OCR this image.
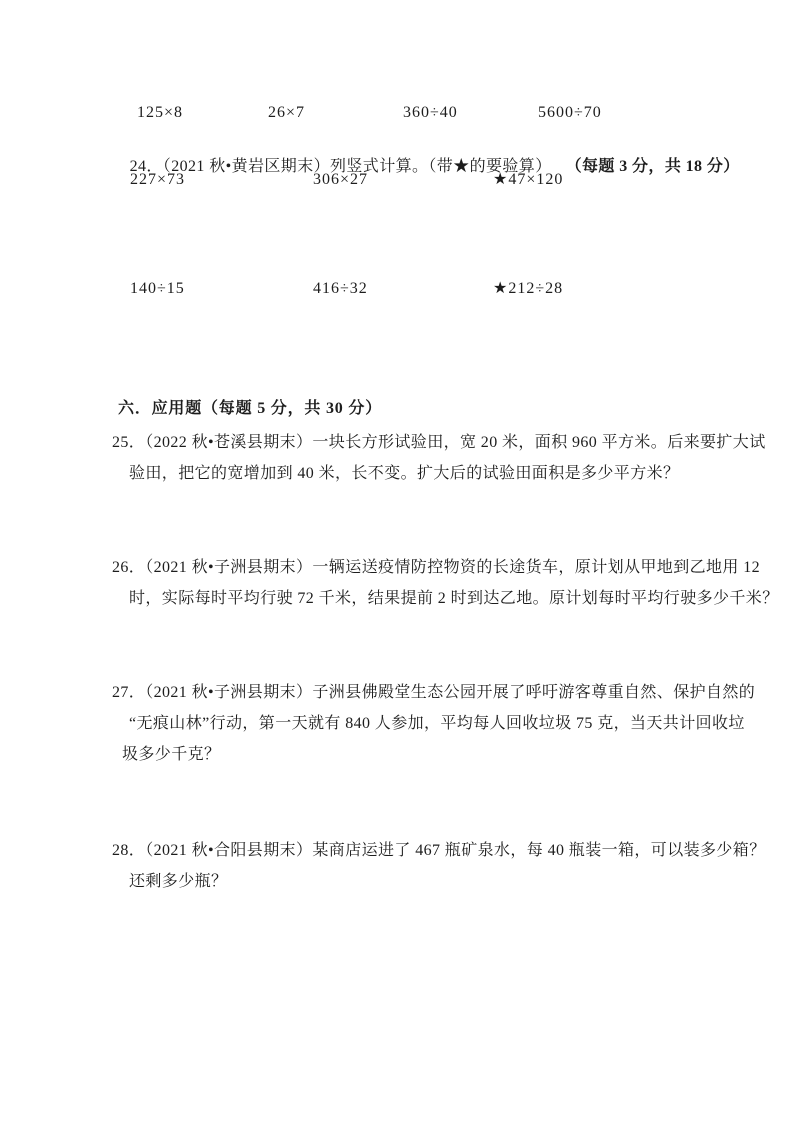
125×8	26×7	360÷40	5600÷70

24．（2021 秋•黄岩区期末）列竖式计算。（带★的要验算） （每题 3 分，共 18 分）

227×73	306×27	★47×120
140÷15	416÷32	★212÷28
六．应用题（每题 5 分，共 30 分）
25．（2022 秋•苍溪县期末）一块长方形试验田，宽 20 米，面积 960 平方米。后来要扩大试
验田，把它的宽增加到 40 米，长不变。扩大后的试验田面积是多少平方米？
26．（2021 秋•子洲县期末）一辆运送疫情防控物资的长途货车，原计划从甲地到乙地用 12
时，实际每时平均行驶 72 千米，结果提前 2 时到达乙地。原计划每时平均行驶多少千米？
27．（2021 秋•子洲县期末）子洲县佛殿堂生态公园开展了呼吁游客尊重自然、保护自然的
“无痕山林”行动，第一天就有 840 人参加，平均每人回收垃圾 75 克，当天共计回收垃
圾多少千克？
28．（2021 秋•合阳县期末）某商店运进了 467 瓶矿泉水，每 40 瓶装一箱，可以装多少箱？
还剩多少瓶？
